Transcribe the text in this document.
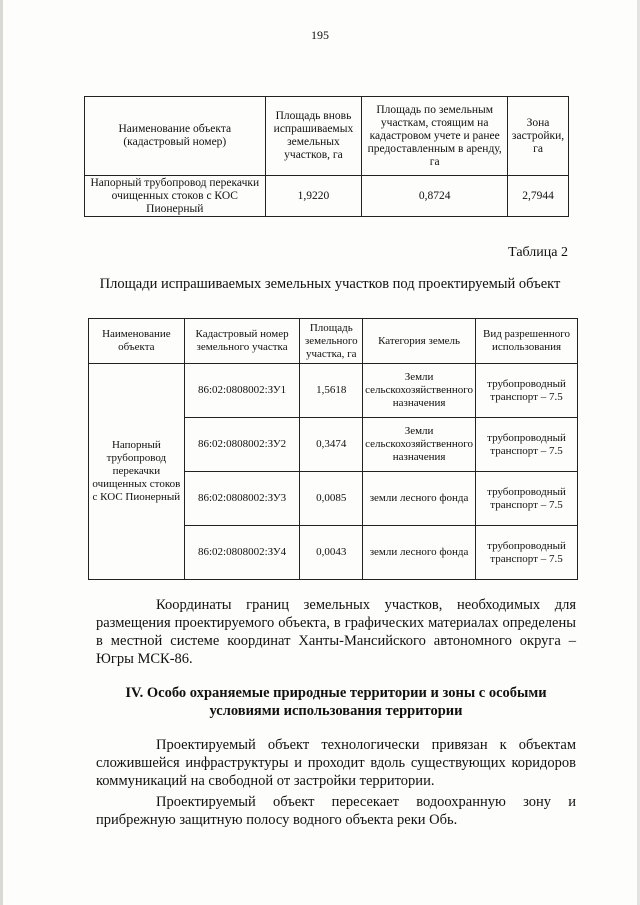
195
Наименование объекта (кадастровый номер)	Площадь вновь испрашиваемых земельных участков, га	Площадь по земельным участкам, стоящим на кадастровом учете и ранее предоставленным в аренду, га	Зона застройки, га
Напорный трубопровод перекачки очищенных стоков с КОС Пионерный	1,9220	0,8724	2,7944
Таблица 2
Площади испрашиваемых земельных участков под проектируемый объект
Наименование объекта	Кадастровый номер земельного участка	Площадь земельного участка, га	Категория земель	Вид разрешенного использования
Напорный трубопровод перекачки очищенных стоков с КОС Пионерный	86:02:0808002:ЗУ1	1,5618	Земли сельскохозяйственного назначения	трубопроводный транспорт – 7.5
	86:02:0808002:ЗУ2	0,3474	Земли сельскохозяйственного назначения	трубопроводный транспорт – 7.5
	86:02:0808002:ЗУ3	0,0085	земли лесного фонда	трубопроводный транспорт – 7.5
	86:02:0808002:ЗУ4	0,0043	земли лесного фонда	трубопроводный транспорт – 7.5
Координаты границ земельных участков, необходимых для размещения проектируемого объекта, в графических материалах определены в местной системе координат Ханты-Мансийского автономного округа – Югры МСК-86.
IV. Особо охраняемые природные территории и зоны с особыми условиями использования территории
Проектируемый объект технологически привязан к объектам сложившейся инфраструктуры и проходит вдоль существующих коридоров коммуникаций на свободной от застройки территории.
Проектируемый объект пересекает водоохранную зону и прибрежную защитную полосу водного объекта реки Обь.
